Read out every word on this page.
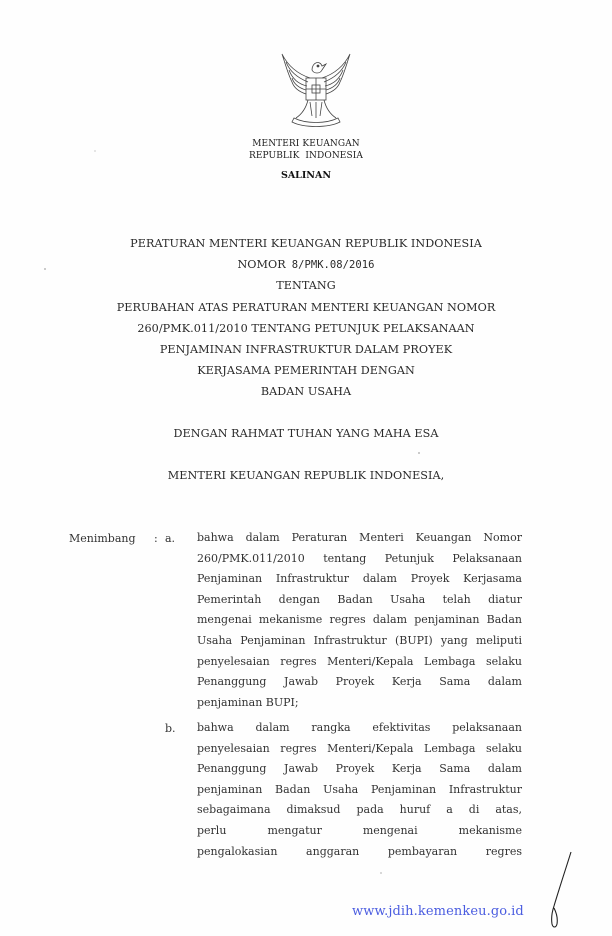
MENTERI KEUANGAN
REPUBLIK  INDONESIA
SALINAN
PERATURAN MENTERI KEUANGAN REPUBLIK INDONESIA
NOMOR 8/PMK.08/2016
TENTANG
PERUBAHAN ATAS PERATURAN MENTERI KEUANGAN NOMOR
260/PMK.011/2010 TENTANG PETUNJUK PELAKSANAAN
PENJAMINAN INFRASTRUKTUR DALAM PROYEK
KERJASAMA PEMERINTAH DENGAN
BADAN USAHA
DENGAN RAHMAT TUHAN YANG MAHA ESA
MENTERI KEUANGAN REPUBLIK INDONESIA,
Menimbang : a. bahwa dalam Peraturan Menteri Keuangan Nomor
260/PMK.011/2010 tentang Petunjuk Pelaksanaan
Penjaminan Infrastruktur dalam Proyek Kerjasama
Pemerintah dengan Badan Usaha telah diatur
mengenai mekanisme regres dalam penjaminan Badan
Usaha Penjaminan Infrastruktur (BUPI) yang meliputi
penyelesaian regres Menteri/Kepala Lembaga selaku
Penanggung Jawab Proyek Kerja Sama dalam
penjaminan BUPI;
b. bahwa dalam rangka efektivitas pelaksanaan
penyelesaian regres Menteri/Kepala Lembaga selaku
Penanggung Jawab Proyek Kerja Sama dalam
penjaminan Badan Usaha Penjaminan Infrastruktur
sebagaimana dimaksud pada huruf a di atas,
perlu mengatur mengenai mekanisme
pengalokasian anggaran pembayaran regres
www.jdih.kemenkeu.go.id
